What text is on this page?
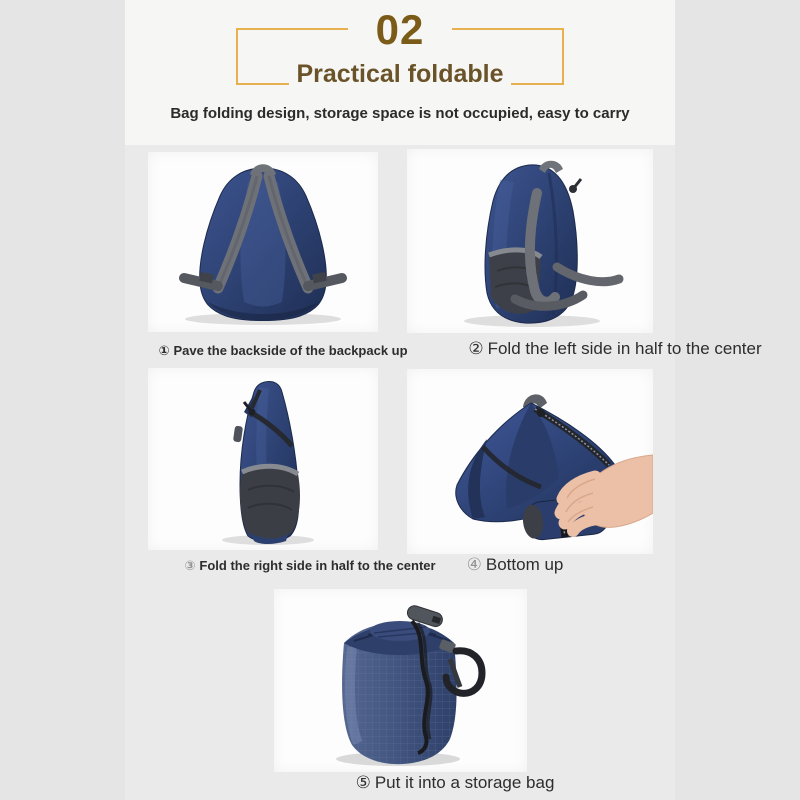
02
Practical foldable
Bag folding design, storage space is not occupied, easy to carry
① Pave the backside of the backpack up	② Fold the left side in half to the center
③ Fold the right side in half to the center	④ Bottom up
⑤ Put it into a storage bag
